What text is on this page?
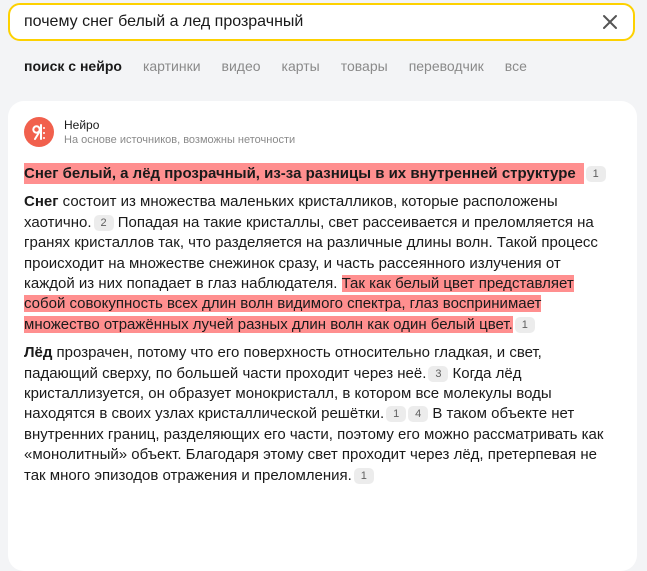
почему снег белый а лед прозрачный
поиск с нейро картинки видео карты товары переводчик все
Нейро
На основе источников, возможны неточности

Снег белый, а лёд прозрачный, из-за разницы в их внутренней структуре 1

Снег состоит из множества маленьких кристалликов, которые расположены хаотично. 2 Попадая на такие кристаллы, свет рассеивается и преломляется на гранях кристаллов так, что разделяется на различные длины волн. Такой процесс происходит на множестве снежинок сразу, и часть рассеянного излучения от каждой из них попадает в глаз наблюдателя. Так как белый цвет представляет собой совокупность всех длин волн видимого спектра, глаз воспринимает множество отражённых лучей разных длин волн как один белый цвет. 1

Лёд прозрачен, потому что его поверхность относительно гладкая, и свет, падающий сверху, по большей части проходит через неё. 3 Когда лёд кристаллизуется, он образует монокристалл, в котором все молекулы воды находятся в своих узлах кристаллической решётки. 1 4 В таком объекте нет внутренних границ, разделяющих его части, поэтому его можно рассматривать как «монолитный» объект. Благодаря этому свет проходит через лёд, претерпевая не так много эпизодов отражения и преломления. 1
